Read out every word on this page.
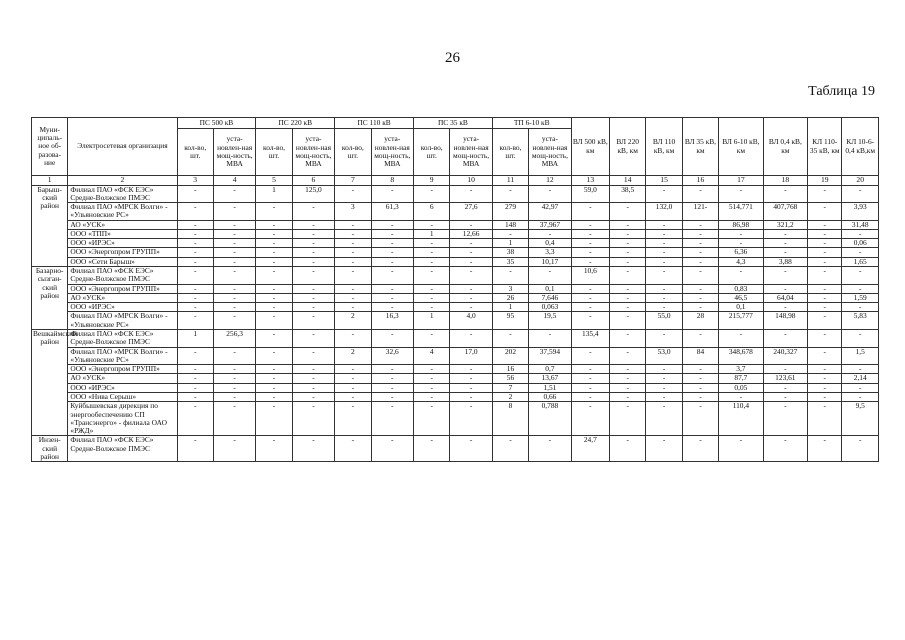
26
Таблица 19
Муни-ципаль-ное об-разова-ние	Электросетевая организация	ПС 500 кВ		ПС 220 кВ		ПС 110 кВ		ПС 35 кВ		ТП 6-10 кВ		ВЛ 500 кВ, км	ВЛ 220 кВ, км	ВЛ 110 кВ, км	ВЛ 35 кВ, км	ВЛ 6-10 кВ, км	ВЛ 0,4 кВ, км	КЛ 110-35 кВ, км	КЛ 10-6-0,4 кВ,км
		кол-во, шт.	уста-новлен-ная мощ-ность, МВА	кол-во, шт.	уста-новлен-ная мощ-ность, МВА	кол-во, шт.	уста-новлен-ная мощ-ность, МВА	кол-во, шт.	уста-новлен-ная мощ-ность, МВА	кол-во, шт.	уста-новлен-ная мощ-ность, МВА								
1	2	3	4	5	6	7	8	9	10	11	12	13	14	15	16	17	18	19	20
Барыш-ский район	Филиал ПАО «ФСК ЕЭС» Средне-Волжское ПМЭС	-	-	1	125,0	-	-	-	-	-	-	59,0	38,5	-	-	-	-	-	-
	Филиал ПАО «МРСК Волги» - «Ульяновские РС»	-	-	-	-	3	61,3	6	27,6	279	42,97	-	-	132,0	121-	514,771	407,768	-	3,93
	АО «УСК»	-	-	-	-	-	-	-	-	148	37,967	-	-	-	-	86,98	321,2	-	31,48
	ООО «ТПП»	-	-	-	-	-	-	1	12,66	-	-	-	-	-	-	-	-	-	-
	ООО «ИРЭС»	-	-	-	-	-	-	-	-	1	0,4	-	-	-	-	-	-	-	0,06
	ООО «Энергопром ГРУПП»	-	-	-	-	-	-	-	-	38	3,3	-	-	-	-	6,36	-	-	-
	ООО «Сети Барыш»	-	-	-	-	-	-	-	-	35	10,17	-	-	-	-	4,3	3,88	-	1,65
Базарно-сызган-ский район	Филиал ПАО «ФСК ЕЭС» Средне-Волжское ПМЭС	-	-	-	-	-	-	-	-	-	-	10,6	-	-	-	-	-	-	-
	ООО «Энергопром ГРУПП»	-	-	-	-	-	-	-	-	3	0,1	-	-	-	-	0,83	-	-	-
	АО «УСК»	-	-	-	-	-	-	-	-	26	7,646	-	-	-	-	46,5	64,04	-	1,59
	ООО «ИРЭС»	-	-	-	-	-	-	-	-	1	0,063	-	-	-	-	0,1	-	-	-
	Филиал ПАО «МРСК Волги» - «Ульяновские РС»	-	-	-	-	2	16,3	1	4,0	95	19,5	-	-	55,0	28	215,777	148,98	-	5,83
Вешкаймский район	Филиал ПАО «ФСК ЕЭС» Средне-Волжское ПМЭС	1	256,3	-	-	-	-	-	-	-	-	135,4	-	-	-	-	-	-	-
	Филиал ПАО «МРСК Волги» - «Ульяновские РС»	-	-	-	-	2	32,6	4	17,0	202	37,594	-	-	53,0	84	348,678	240,327	-	1,5
	ООО «Энергопром ГРУПП»	-	-	-	-	-	-	-	-	16	0,7	-	-	-	-	3,7	-	-	-
	АО «УСК»	-	-	-	-	-	-	-	-	56	13,67	-	-	-	-	87,7	123,61	-	2,14
	ООО «ИРЭС»	-	-	-	-	-	-	-	-	7	1,51	-	-	-	-	0,05	-	-	-
	ООО «Нива Серыш»	-	-	-	-	-	-	-	-	2	0,66	-	-	-	-	-	-	-	-
	Куйбышевская дирекция по энергообеспечению СП «Трансэнерго» - филиала ОАО «РЖД»	-	-	-	-	-	-	-	-	8	0,788	-	-	-	-	110,4	-	-	9,5
Инзен-ский район	Филиал ПАО «ФСК ЕЭС» Средне-Волжское ПМЭС	-	-	-	-	-	-	-	-	-	-	24,7	-	-	-	-	-	-	-
